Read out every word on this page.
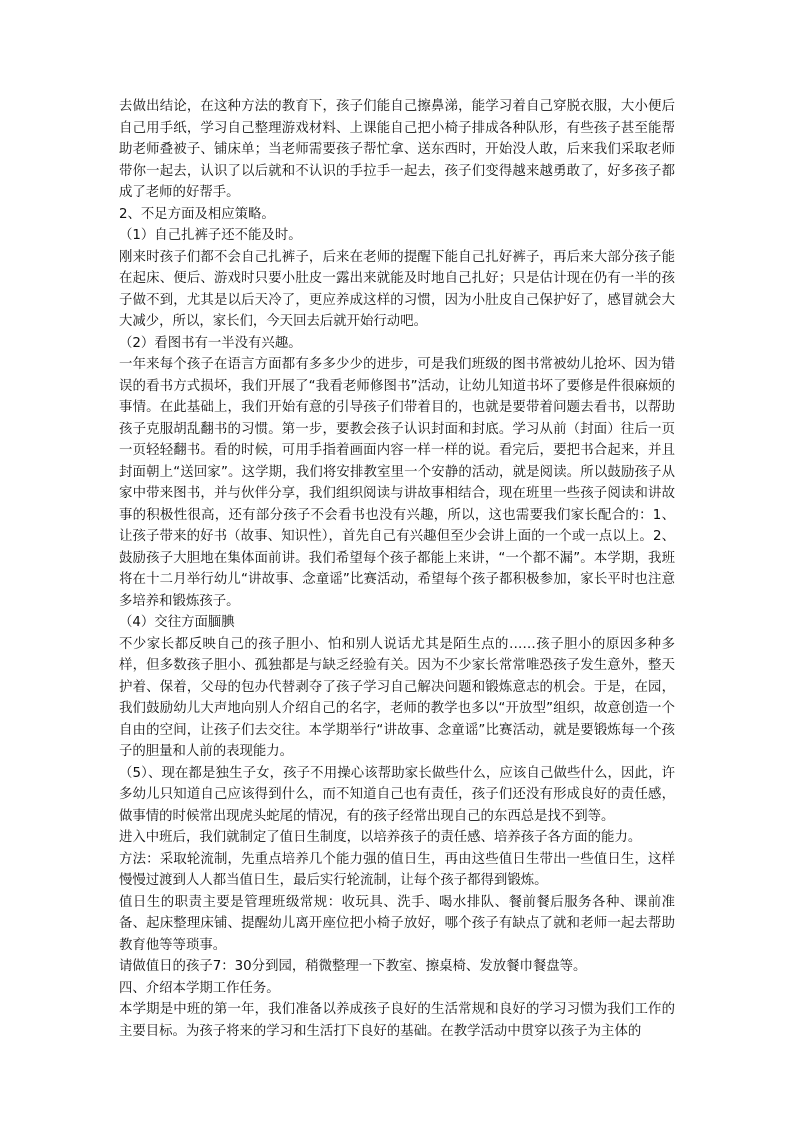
去做出结论，在这种方法的教育下，孩子们能自己擦鼻涕，能学习着自己穿脱衣服，大小便后自己用手纸，学习自己整理游戏材料、上课能自己把小椅子排成各种队形，有些孩子甚至能帮助老师叠被子、铺床单；当老师需要孩子帮忙拿、送东西时，开始没人敢，后来我们采取老师带你一起去，认识了以后就和不认识的手拉手一起去，孩子们变得越来越勇敢了，好多孩子都成了老师的好帮手。

2、不足方面及相应策略。

（1）自己扎裤子还不能及时。

刚来时孩子们都不会自己扎裤子，后来在老师的提醒下能自己扎好裤子，再后来大部分孩子能在起床、便后、游戏时只要小肚皮一露出来就能及时地自己扎好；只是估计现在仍有一半的孩子做不到，尤其是以后天冷了，更应养成这样的习惯，因为小肚皮自己保护好了，感冒就会大大减少，所以，家长们，今天回去后就开始行动吧。

（2）看图书有一半没有兴趣。

一年来每个孩子在语言方面都有多多少少的进步，可是我们班级的图书常被幼儿抢坏、因为错误的看书方式损坏，我们开展了“我看老师修图书”活动，让幼儿知道书坏了要修是件很麻烦的事情。在此基础上，我们开始有意的引导孩子们带着目的，也就是要带着问题去看书，以帮助孩子克服胡乱翻书的习惯。第一步，要教会孩子认识封面和封底。学习从前（封面）往后一页一页轻轻翻书。看的时候，可用手指着画面内容一样一样的说。看完后，要把书合起来，并且封面朝上“送回家”。这学期，我们将安排教室里一个安静的活动，就是阅读。所以鼓励孩子从家中带来图书，并与伙伴分享，我们组织阅读与讲故事相结合，现在班里一些孩子阅读和讲故事的积极性很高，还有部分孩子不会看书也没有兴趣，所以，这也需要我们家长配合的：1、让孩子带来的好书（故事、知识性），首先自己有兴趣但至少会讲上面的一个或一点以上。2、鼓励孩子大胆地在集体面前讲。我们希望每个孩子都能上来讲，“一个都不漏”。本学期，我班将在十二月举行幼儿“讲故事、念童谣”比赛活动，希望每个孩子都积极参加，家长平时也注意多培养和锻炼孩子。

（4）交往方面腼腆

不少家长都反映自己的孩子胆小、怕和别人说话尤其是陌生点的……孩子胆小的原因多种多样，但多数孩子胆小、孤独都是与缺乏经验有关。因为不少家长常常唯恐孩子发生意外，整天护着、保着，父母的包办代替剥夺了孩子学习自己解决问题和锻炼意志的机会。于是，在园，我们鼓励幼儿大声地向别人介绍自己的名字，老师的教学也多以“开放型”组织，故意创造一个自由的空间，让孩子们去交往。本学期举行“讲故事、念童谣”比赛活动，就是要锻炼每一个孩子的胆量和人前的表现能力。

（5）、现在都是独生子女，孩子不用操心该帮助家长做些什么，应该自己做些什么，因此，许多幼儿只知道自己应该得到什么，而不知道自己也有责任，孩子们还没有形成良好的责任感，做事情的时候常出现虎头蛇尾的情况，有的孩子经常出现自己的东西总是找不到等。

进入中班后，我们就制定了值日生制度，以培养孩子的责任感、培养孩子各方面的能力。

方法：采取轮流制，先重点培养几个能力强的值日生，再由这些值日生带出一些值日生，这样慢慢过渡到人人都当值日生，最后实行轮流制，让每个孩子都得到锻炼。

值日生的职责主要是管理班级常规：收玩具、洗手、喝水排队、餐前餐后服务各种、课前准备、起床整理床铺、提醒幼儿离开座位把小椅子放好，哪个孩子有缺点了就和老师一起去帮助教育他等等琐事。

请做值日的孩子7：30分到园，稍微整理一下教室、擦桌椅、发放餐巾餐盘等。

四、介绍本学期工作任务。

本学期是中班的第一年，我们准备以养成孩子良好的生活常规和良好的学习习惯为我们工作的主要目标。为孩子将来的学习和生活打下良好的基础。在教学活动中贯穿以孩子为主体的
